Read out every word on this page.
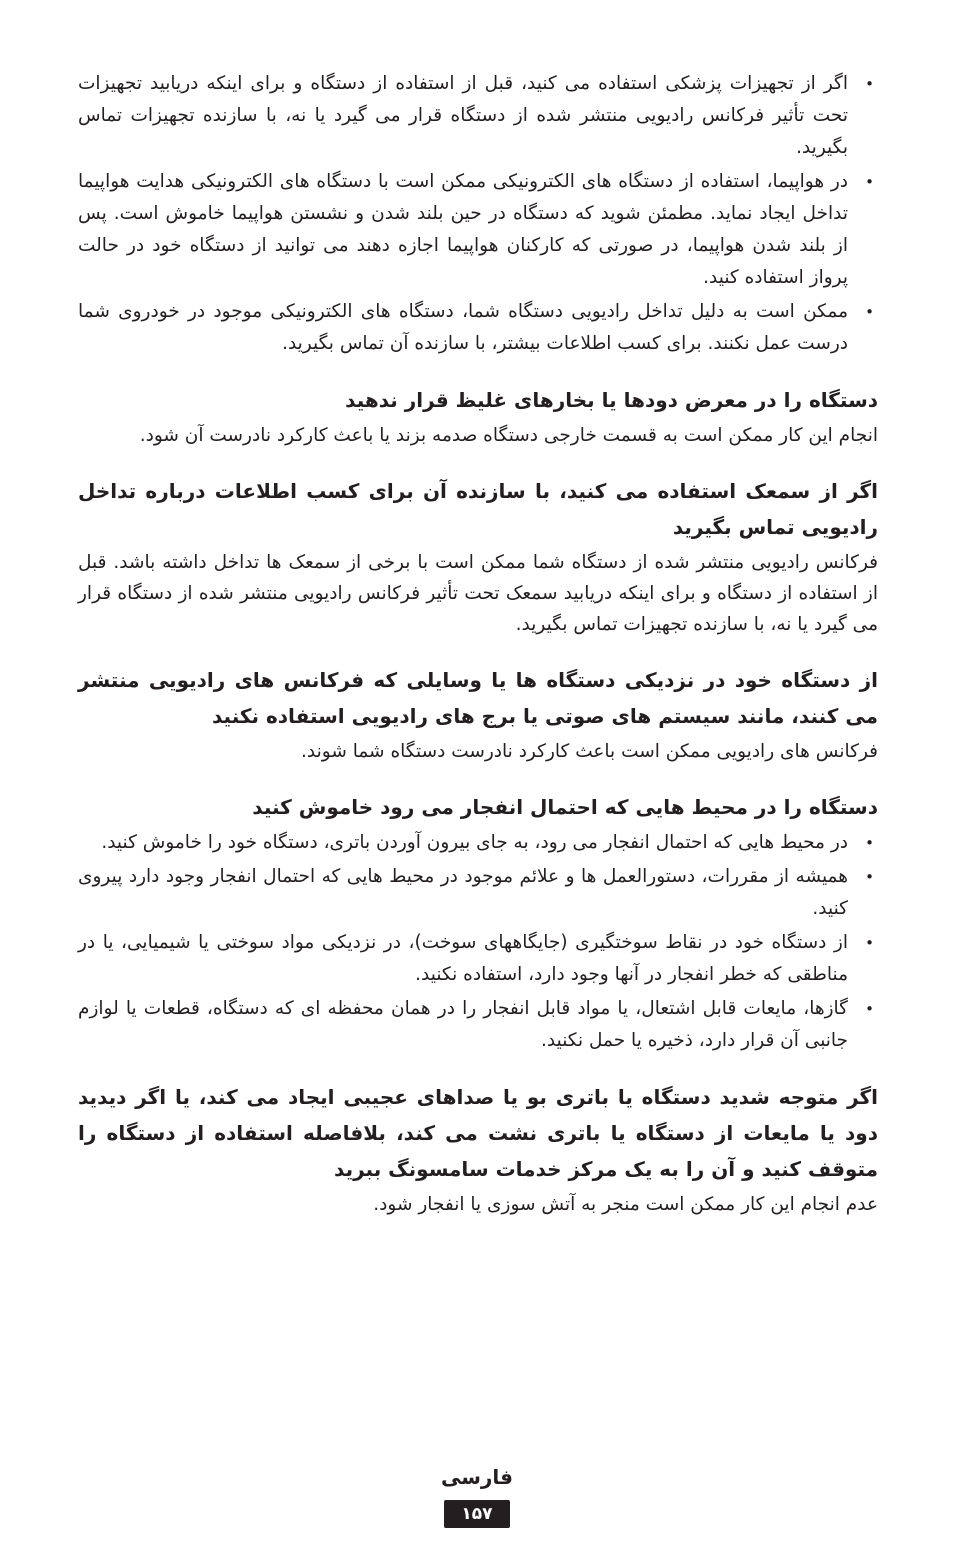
•
اگر از تجهیزات پزشکی استفاده می کنید، قبل از استفاده از دستگاه و برای اینکه دریابید تجهیزات تحت تأثیر فرکانس رادیویی منتشر شده از دستگاه قرار می گیرد یا نه، با سازنده تجهیزات تماس بگیرید.
•
در هواپیما، استفاده از دستگاه های الکترونیکی ممکن است با دستگاه های الکترونیکی هدایت هواپیما تداخل ایجاد نماید. مطمئن شوید که دستگاه در حین بلند شدن و نشستن هواپیما خاموش است. پس از بلند شدن هواپیما، در صورتی که کارکنان هواپیما اجازه دهند می توانید از دستگاه خود در حالت پرواز استفاده کنید.
•
ممکن است به دلیل تداخل رادیویی دستگاه شما، دستگاه های الکترونیکی موجود در خودروی شما درست عمل نکنند. برای کسب اطلاعات بیشتر، با سازنده آن تماس بگیرید.
دستگاه را در معرض دودها یا بخارهای غلیظ قرار ندهید

انجام این کار ممکن است به قسمت خارجی دستگاه صدمه بزند یا باعث کارکرد نادرست آن شود.

اگر از سمعک استفاده می کنید، با سازنده آن برای کسب اطلاعات درباره تداخل رادیویی تماس بگیرید

فرکانس رادیویی منتشر شده از دستگاه شما ممکن است با برخی از سمعک ها تداخل داشته باشد. قبل از استفاده از دستگاه و برای اینکه دریابید سمعک تحت تأثیر فرکانس رادیویی منتشر شده از دستگاه قرار می گیرد یا نه، با سازنده تجهیزات تماس بگیرید.

از دستگاه خود در نزدیکی دستگاه ها یا وسایلی که فرکانس های رادیویی منتشر می کنند، مانند سیستم های صوتی یا برج های رادیویی استفاده نکنید

فرکانس های رادیویی ممکن است باعث کارکرد نادرست دستگاه شما شوند.

دستگاه را در محیط هایی که احتمال انفجار می رود خاموش کنید
•
در محیط هایی که احتمال انفجار می رود، به جای بیرون آوردن باتری، دستگاه خود را خاموش کنید.
•
همیشه از مقررات، دستورالعمل ها و علائم موجود در محیط هایی که احتمال انفجار وجود دارد پیروی کنید.
•
از دستگاه خود در نقاط سوختگیری (جایگاههای سوخت)، در نزدیکی مواد سوختی یا شیمیایی، یا در مناطقی که خطر انفجار در آنها وجود دارد، استفاده نکنید.
•
گازها، مایعات قابل اشتعال، یا مواد قابل انفجار را در همان محفظه ای که دستگاه، قطعات یا لوازم جانبی آن قرار دارد، ذخیره یا حمل نکنید.
اگر متوجه شدید دستگاه یا باتری بو یا صداهای عجیبی ایجاد می کند، یا اگر دیدید دود یا مایعات از دستگاه یا باتری نشت می کند، بلافاصله استفاده از دستگاه را متوقف کنید و آن را به یک مرکز خدمات سامسونگ ببرید

عدم انجام این کار ممکن است منجر به آتش سوزی یا انفجار شود.

فارسی
۱۵۷
